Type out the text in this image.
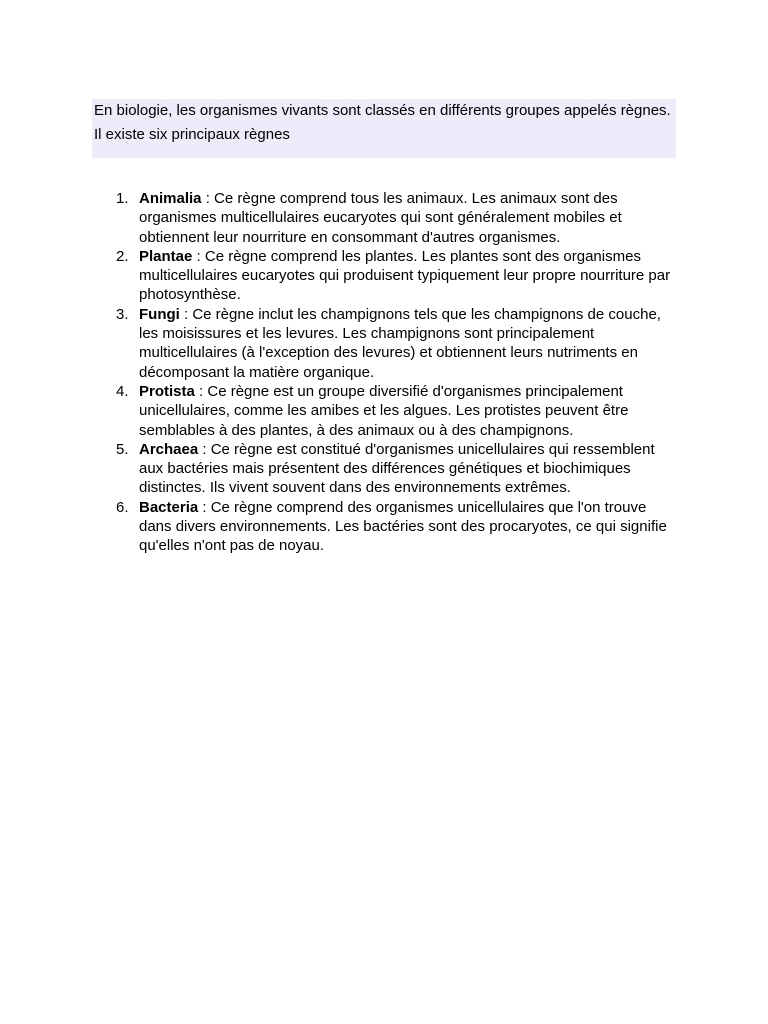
En biologie, les organismes vivants sont classés en différents groupes appelés règnes. Il existe six principaux règnes

1. Animalia : Ce règne comprend tous les animaux. Les animaux sont des organismes multicellulaires eucaryotes qui sont généralement mobiles et obtiennent leur nourriture en consommant d'autres organismes.
2. Plantae : Ce règne comprend les plantes. Les plantes sont des organismes multicellulaires eucaryotes qui produisent typiquement leur propre nourriture par photosynthèse.
3. Fungi : Ce règne inclut les champignons tels que les champignons de couche, les moisissures et les levures. Les champignons sont principalement multicellulaires (à l'exception des levures) et obtiennent leurs nutriments en décomposant la matière organique.
4. Protista : Ce règne est un groupe diversifié d'organismes principalement unicellulaires, comme les amibes et les algues. Les protistes peuvent être semblables à des plantes, à des animaux ou à des champignons.
5. Archaea : Ce règne est constitué d'organismes unicellulaires qui ressemblent aux bactéries mais présentent des différences génétiques et biochimiques distinctes. Ils vivent souvent dans des environnements extrêmes.
6. Bacteria : Ce règne comprend des organismes unicellulaires que l'on trouve dans divers environnements. Les bactéries sont des procaryotes, ce qui signifie qu'elles n'ont pas de noyau.
